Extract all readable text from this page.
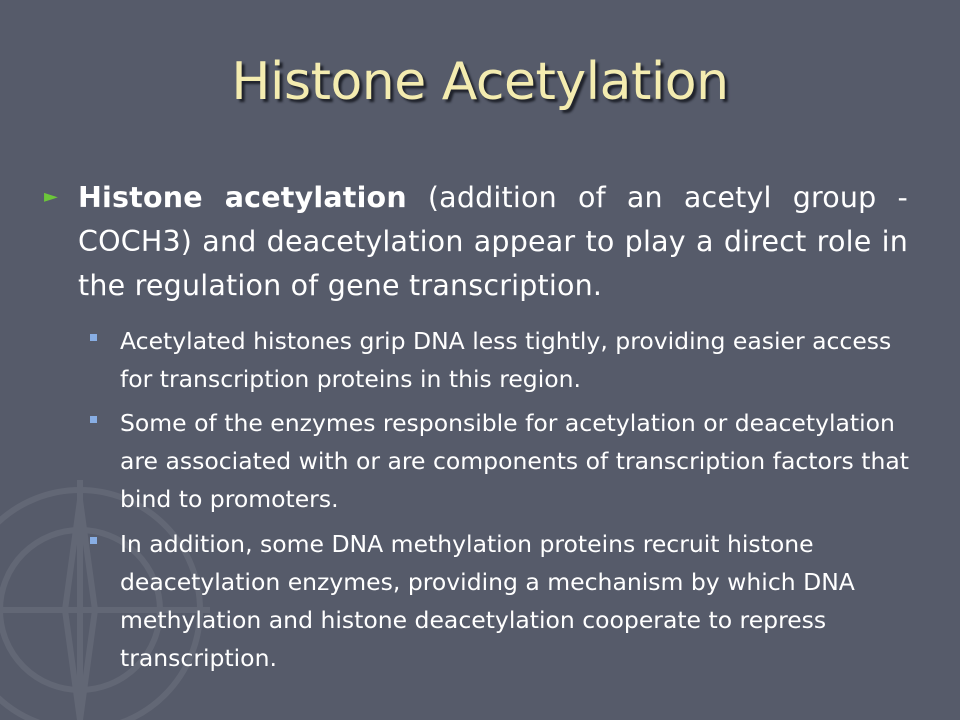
Histone Acetylation
► Histone acetylation (addition of an acetyl group -COCH3) and deacetylation appear to play a direct role in the regulation of gene transcription.
Acetylated histones grip DNA less tightly, providing easier access for transcription proteins in this region.
Some of the enzymes responsible for acetylation or deacetylation are associated with or are components of transcription factors that bind to promoters.
In addition, some DNA methylation proteins recruit histone deacetylation enzymes, providing a mechanism by which DNA methylation and histone deacetylation cooperate to repress transcription.
